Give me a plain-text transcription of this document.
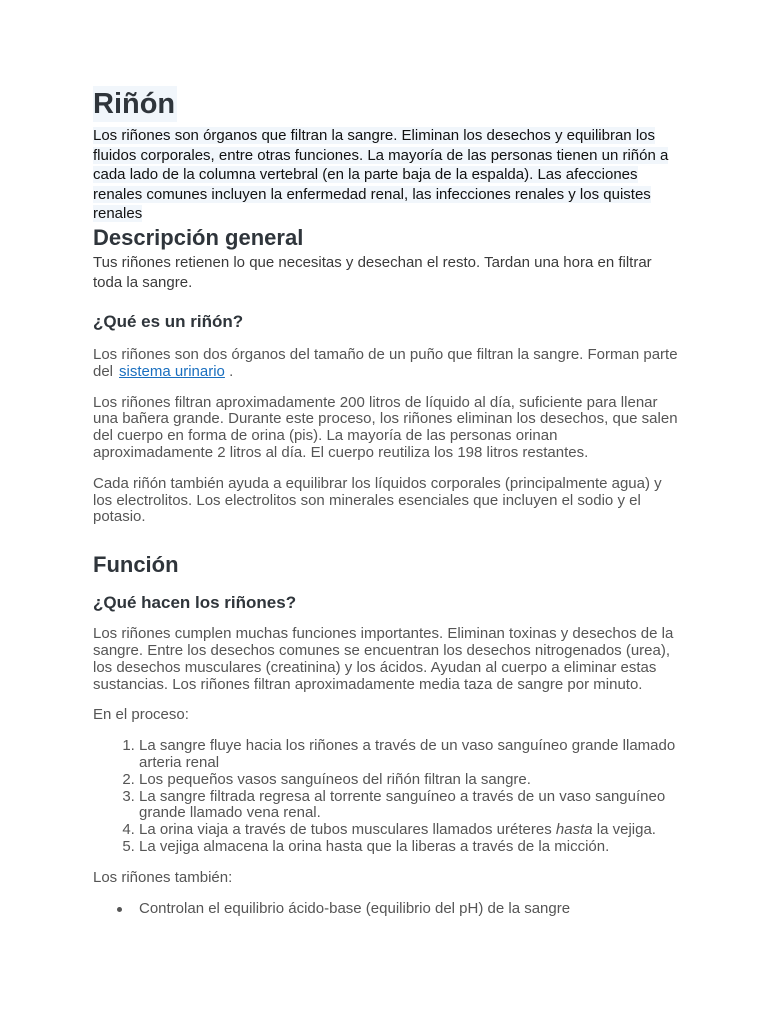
Riñón

Los riñones son órganos que filtran la sangre. Eliminan los desechos y equilibran los fluidos corporales, entre otras funciones. La mayoría de las personas tienen un riñón a cada lado de la columna vertebral (en la parte baja de la espalda). Las afecciones renales comunes incluyen la enfermedad renal, las infecciones renales y los quistes renales

Descripción general

Tus riñones retienen lo que necesitas y desechan el resto. Tardan una hora en filtrar toda la sangre.

¿Qué es un riñón?

Los riñones son dos órganos del tamaño de un puño que filtran la sangre. Forman parte del sistema urinario .

Los riñones filtran aproximadamente 200 litros de líquido al día, suficiente para llenar una bañera grande. Durante este proceso, los riñones eliminan los desechos, que salen del cuerpo en forma de orina (pis). La mayoría de las personas orinan aproximadamente 2 litros al día. El cuerpo reutiliza los 198 litros restantes.

Cada riñón también ayuda a equilibrar los líquidos corporales (principalmente agua) y los electrolitos. Los electrolitos son minerales esenciales que incluyen el sodio y el potasio.

Función
¿Qué hacen los riñones?

Los riñones cumplen muchas funciones importantes. Eliminan toxinas y desechos de la sangre. Entre los desechos comunes se encuentran los desechos nitrogenados (urea), los desechos musculares (creatinina) y los ácidos. Ayudan al cuerpo a eliminar estas sustancias. Los riñones filtran aproximadamente media taza de sangre por minuto.

En el proceso:

1. La sangre fluye hacia los riñones a través de un vaso sanguíneo grande llamado arteria renal
2. Los pequeños vasos sanguíneos del riñón filtran la sangre.
3. La sangre filtrada regresa al torrente sanguíneo a través de un vaso sanguíneo grande llamado vena renal.
4. La orina viaja a través de tubos musculares llamados uréteres hasta la vejiga.
5. La vejiga almacena la orina hasta que la liberas a través de la micción.

Los riñones también:

Controlan el equilibrio ácido-base (equilibrio del pH) de la sangre
